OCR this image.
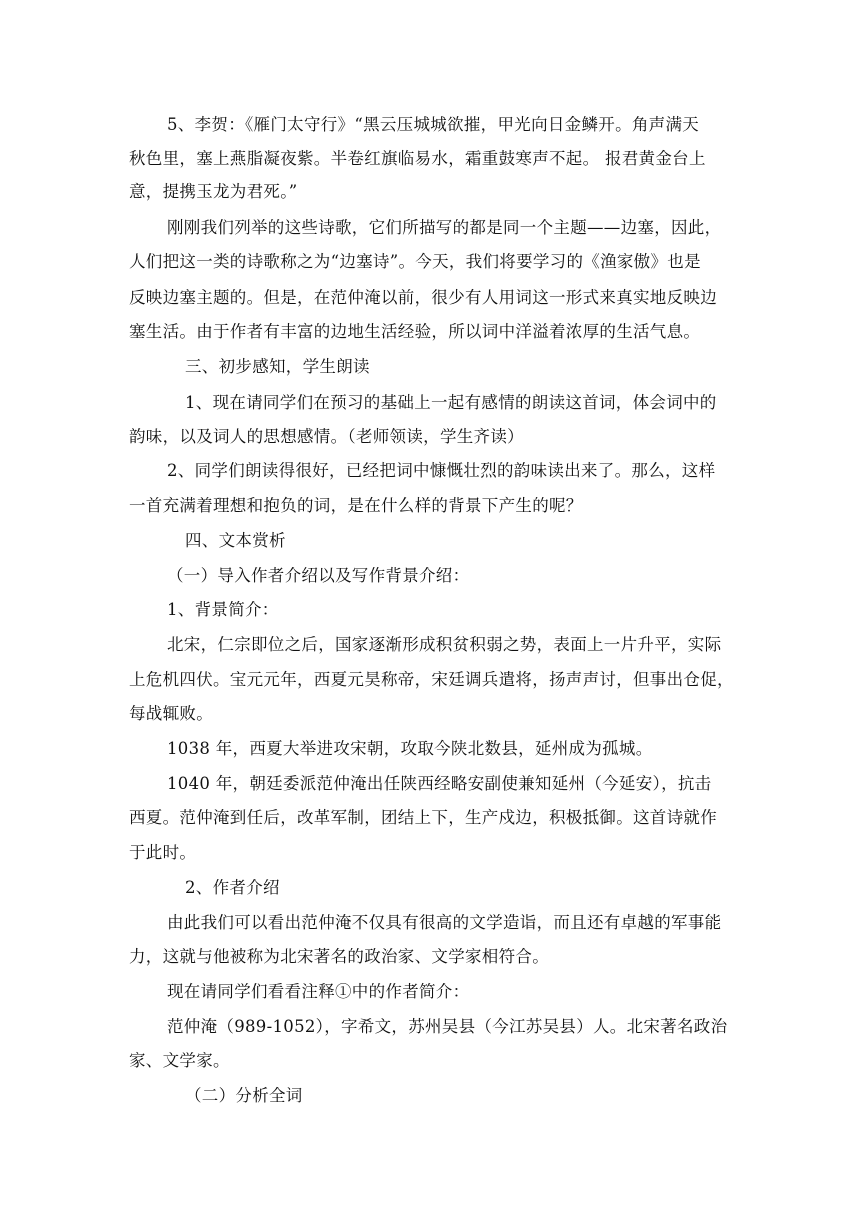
5、李贺：《雁门太守行》“黑云压城城欲摧，甲光向日金鳞开。角声满天
秋色里，塞上燕脂凝夜紫。半卷红旗临易水，霜重鼓寒声不起。 报君黄金台上
意，提携玉龙为君死。”
刚刚我们列举的这些诗歌，它们所描写的都是同一个主题——边塞，因此，
人们把这一类的诗歌称之为“边塞诗”。今天，我们将要学习的《渔家傲》也是
反映边塞主题的。但是，在范仲淹以前，很少有人用词这一形式来真实地反映边
塞生活。由于作者有丰富的边地生活经验，所以词中洋溢着浓厚的生活气息。
三、初步感知，学生朗读
1、现在请同学们在预习的基础上一起有感情的朗读这首词，体会词中的
韵味，以及词人的思想感情。（老师领读，学生齐读）
2、同学们朗读得很好，已经把词中慷慨壮烈的韵味读出来了。那么，这样
一首充满着理想和抱负的词，是在什么样的背景下产生的呢？
四、文本赏析
（一）导入作者介绍以及写作背景介绍：
1、背景简介：
北宋，仁宗即位之后，国家逐渐形成积贫积弱之势，表面上一片升平，实际
上危机四伏。宝元元年，西夏元昊称帝，宋廷调兵遣将，扬声声讨，但事出仓促，
每战辄败。
1038 年，西夏大举进攻宋朝，攻取今陕北数县，延州成为孤城。
1040 年，朝廷委派范仲淹出任陕西经略安副使兼知延州（今延安），抗击
西夏。范仲淹到任后，改革军制，团结上下，生产戍边，积极抵御。这首诗就作
于此时。
2、作者介绍
由此我们可以看出范仲淹不仅具有很高的文学造诣，而且还有卓越的军事能
力，这就与他被称为北宋著名的政治家、文学家相符合。
现在请同学们看看注释①中的作者简介：
范仲淹（989-1052），字希文，苏州吴县（今江苏吴县）人。北宋著名政治
家、文学家。
（二）分析全词
